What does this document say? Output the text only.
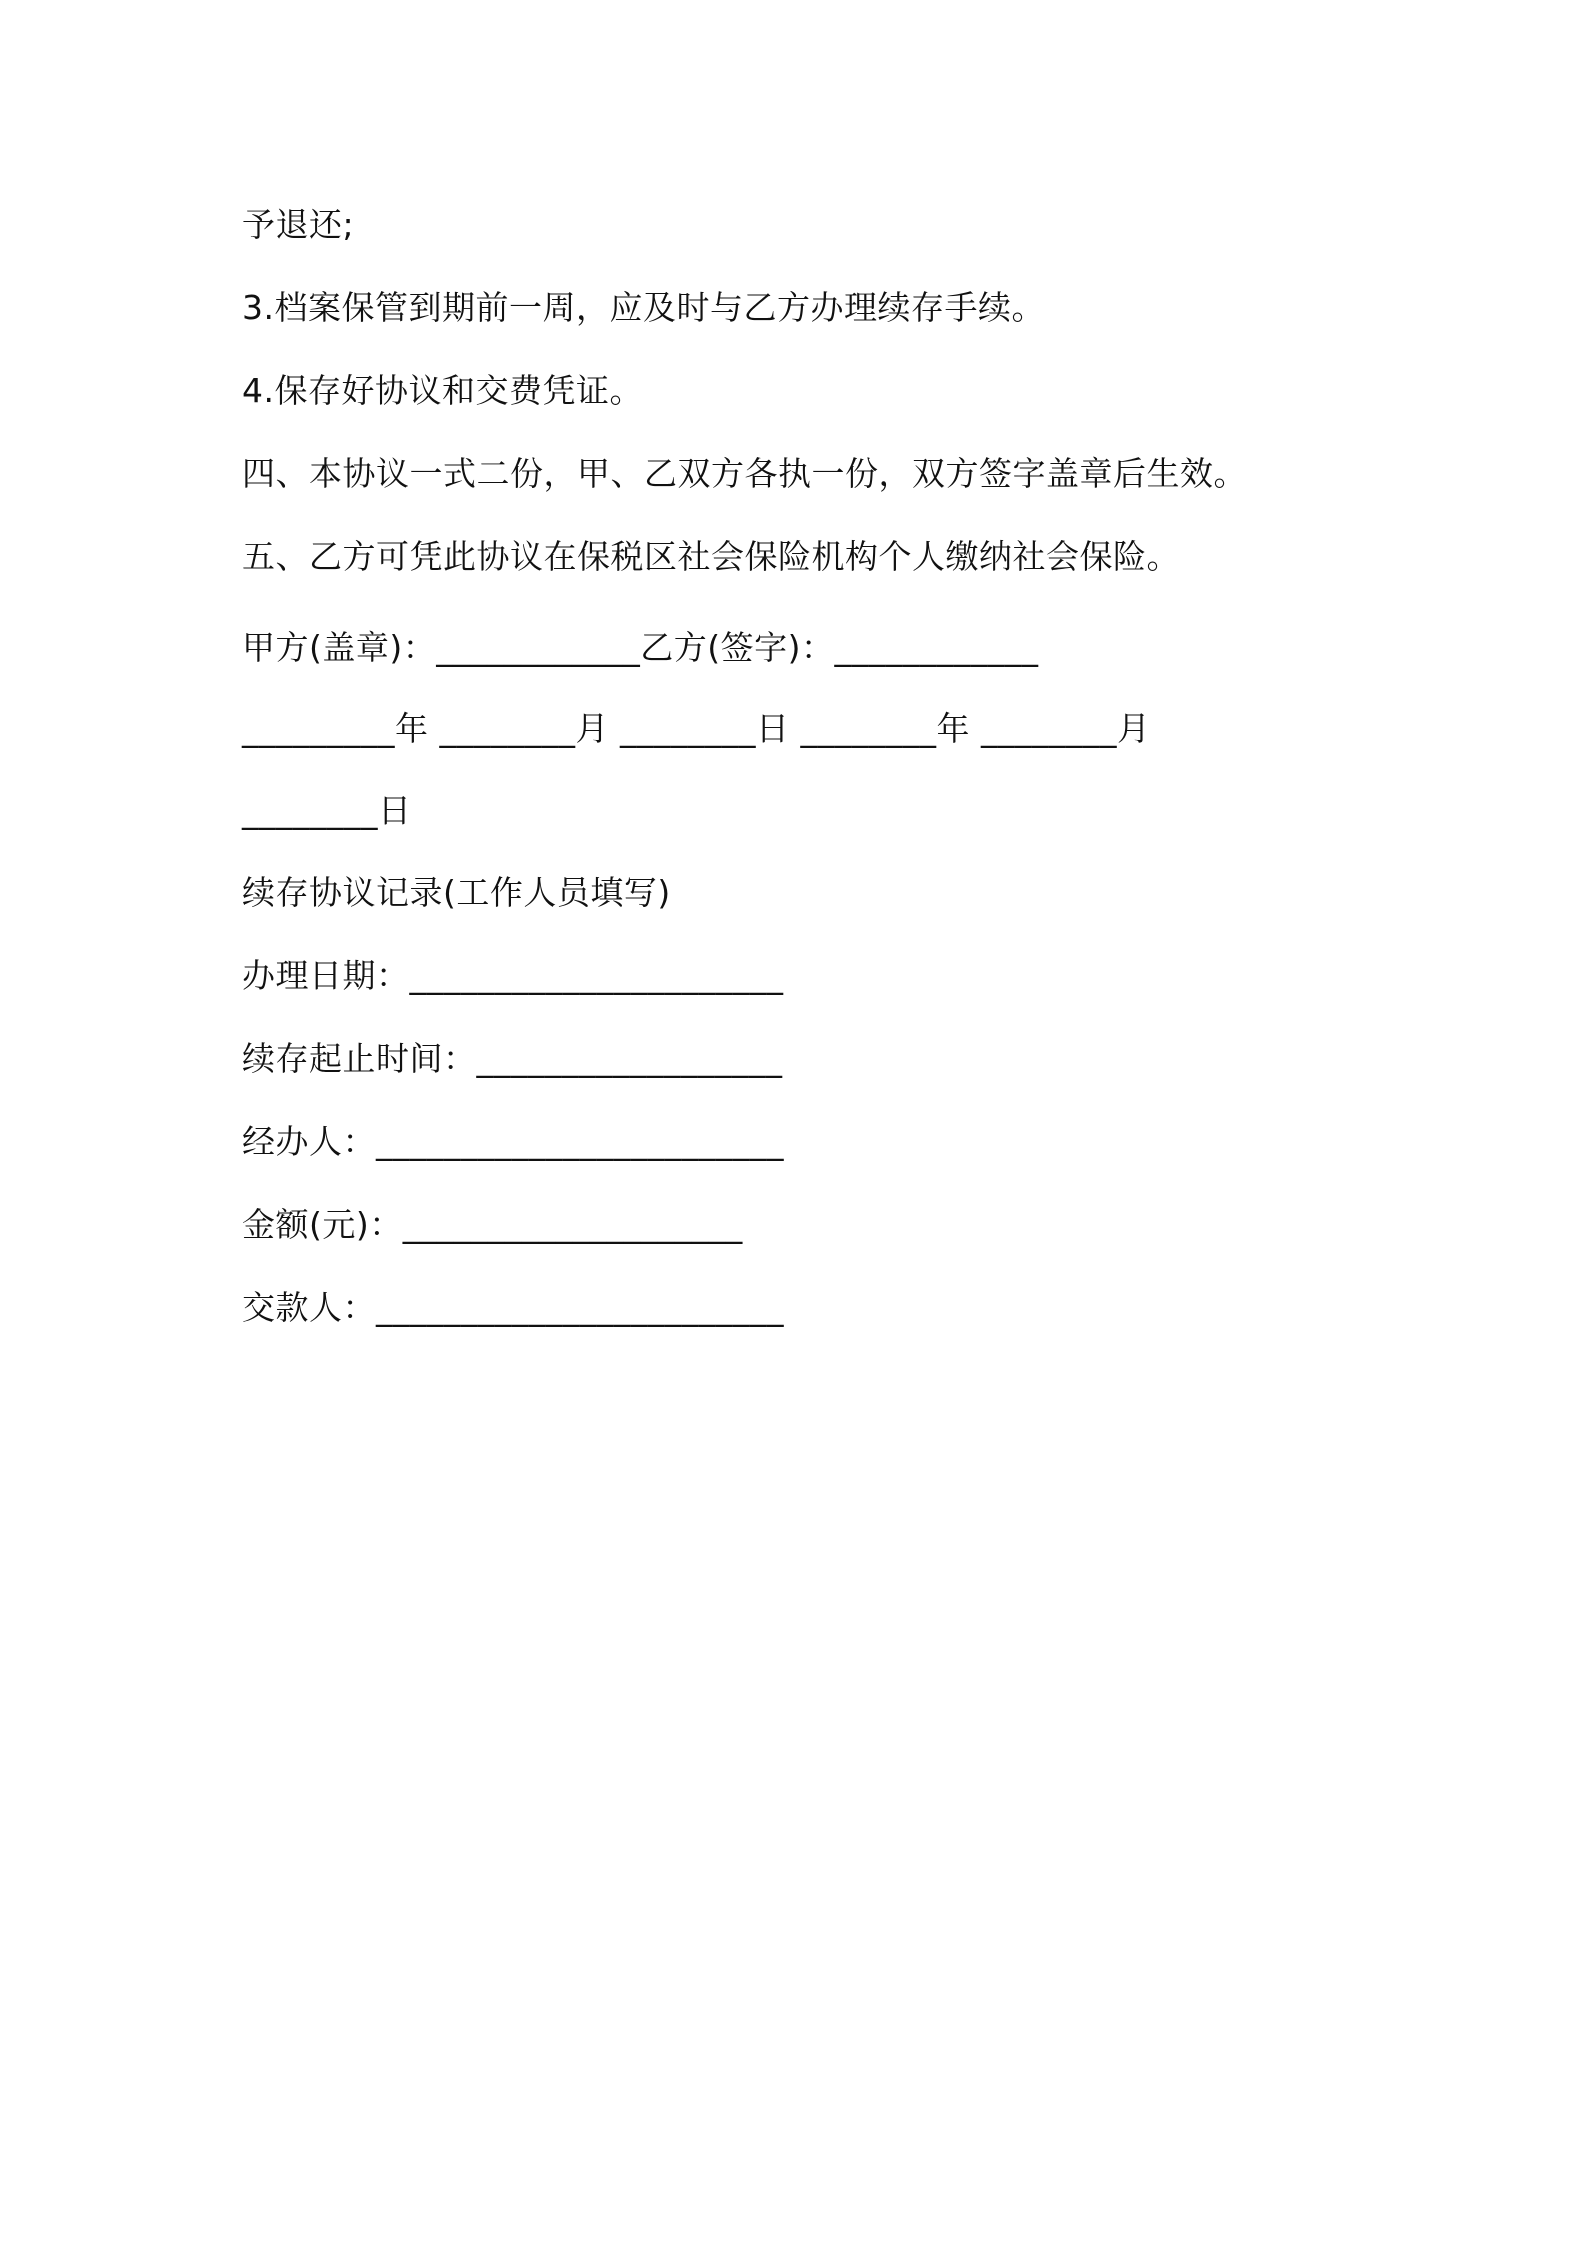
予退还;
3.档案保管到期前一周，应及时与乙方办理续存手续。
4.保存好协议和交费凭证。
四、本协议一式二份，甲、乙双方各执一份，双方签字盖章后生效。
五、乙方可凭此协议在保税区社会保险机构个人缴纳社会保险。
甲方(盖章)：____________乙方(签字)：____________
_________年 ________月 ________日 ________年 ________月
________日
续存协议记录(工作人员填写)
办理日期：______________________
续存起止时间：__________________
经办人：________________________
金额(元)：____________________
交款人：________________________
